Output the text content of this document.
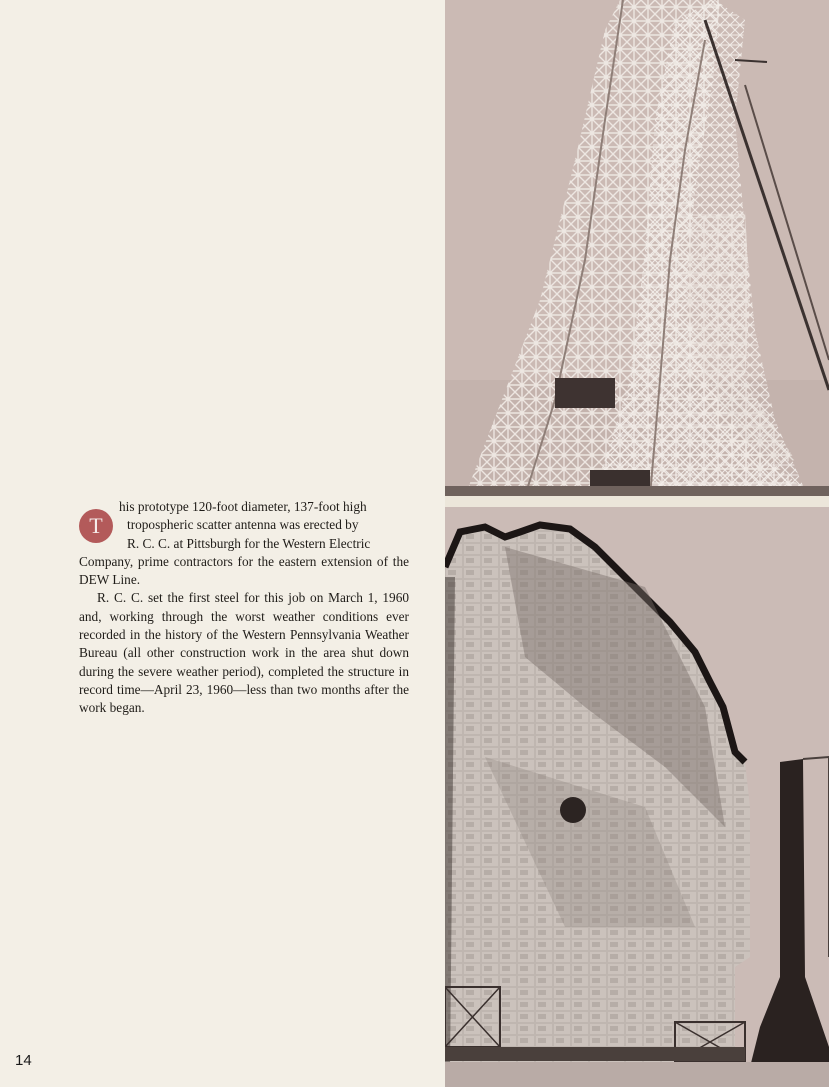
T
his prototype 120-foot diameter, 137-foot high
tropospheric scatter antenna was erected by
R. C. C. at Pittsburgh for the Western Electric
Company, prime contractors for the eastern extension of the DEW Line.

R. C. C. set the first steel for this job on March 1, 1960 and, working through the worst weather conditions ever recorded in the history of the Western Pennsylvania Weather Bureau (all other construction work in the area shut down during the severe weather period), completed the structure in record time—April 23, 1960—less than two months after the work began.

14
